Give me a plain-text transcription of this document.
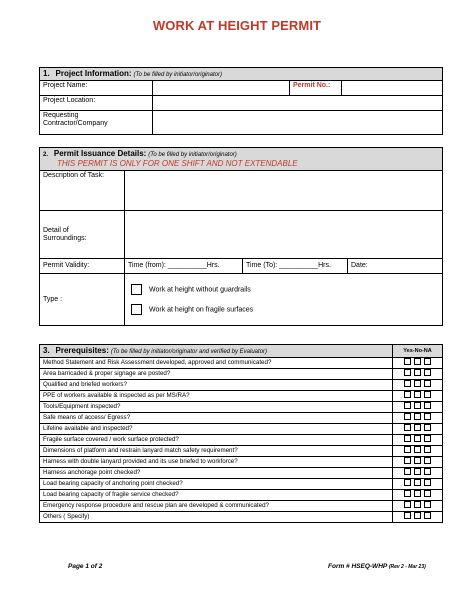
WORK AT HEIGHT PERMIT
1. Project Information: (To be filled by initiator/originator)			
Project Name:		Permit No.:	
Project Location:			
Requesting
Contractor/Company			
2. Permit Issuance Details: (To be filled by initiator/originator)
THIS PERMIT IS ONLY FOR ONE SHIFT AND NOT EXTENDABLE			
Description of Task:			
Detail of
Surroundings:			
Permit Validity:	Time (from): __________Hrs.	Time (To): __________Hrs.	Date:
Type :	Work at height without guardrails
Work at height on fragile surfaces		
3. Prerequisites: (To be filled by initiator/originator and verified by Evaluator)	Yes-No-NA
Method Statement and Risk Assessment developed, approved and communicated?	
Area barricaded & proper signage are posted?	
Qualified and briefed workers?	
PPE of workers available & inspected as per MS/RA?	
Tools/Equipment inspected?	
Safe means of access/ Egress?	
Lifeline available and inspected?	
Fragile surface covered / work surface protected?	
Dimensions of platform and restrain lanyard match safety requirement?	
Harness with double lanyard provided and its use briefed to workforce?	
Harness anchorage point checked?	
Load bearing capacity of anchoring point checked?	
Load bearing capacity of fragile service checked?	
Emergency response procedure and rescue plan are developed & communicated?	
Others ( Specify)	
Page 1 of 2	Form # HSEQ-WHP (Rev 2 - Mar 23)
